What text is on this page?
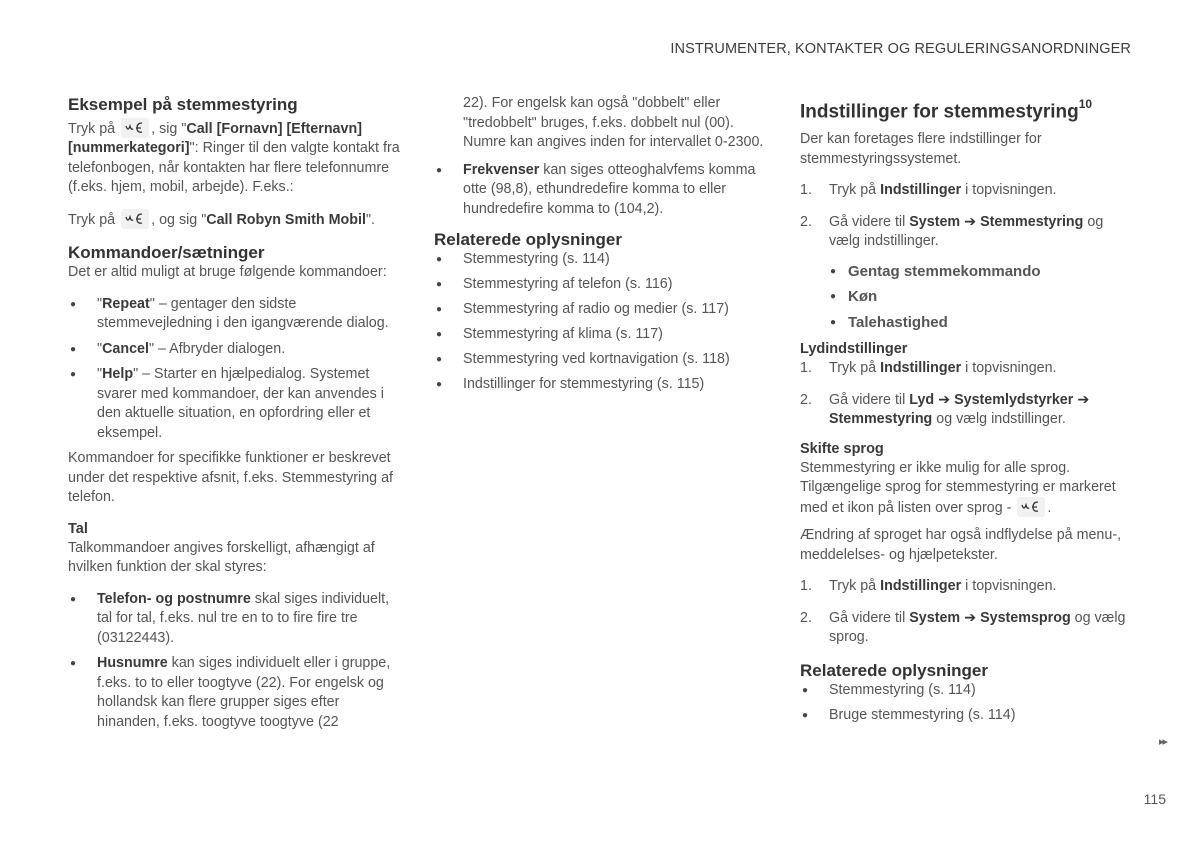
INSTRUMENTER, KONTAKTER OG REGULERINGSANORDNINGER
Eksempel på stemmestyring

Tryk på	, sig "Call [Fornavn] [Efternavn] [nummerkategori]": Ringer til den valgte kontakt fra telefonbogen, når kontakten har flere telefonnumre (f.eks. hjem, mobil, arbejde). F.eks.:

Tryk på	, og sig "Call Robyn Smith Mobil".

Kommandoer/sætninger

Det er altid muligt at bruge følgende kommandoer:

● "Repeat" – gentager den sidste stemmevejledning i den igangværende dialog.
● "Cancel" – Afbryder dialogen.
● "Help" – Starter en hjælpedialog. Systemet svarer med kommandoer, der kan anvendes i den aktuelle situation, en opfordring eller et eksempel.

Kommandoer for specifikke funktioner er beskrevet under det respektive afsnit, f.eks. Stemmestyring af telefon.

Tal

Talkommandoer angives forskelligt, afhængigt af hvilken funktion der skal styres:

● Telefon- og postnumre skal siges individuelt, tal for tal, f.eks. nul tre en to to fire fire tre (03122443).
● Husnumre kan siges individuelt eller i gruppe, f.eks. to to eller toogtyve (22). For engelsk og hollandsk kan flere grupper siges efter hinanden, f.eks. toogtyve toogtyve (22

22). For engelsk kan også "dobbelt" eller "tredobbelt" bruges, f.eks. dobbelt nul (00). Numre kan angives inden for intervallet 0-2300.

● Frekvenser kan siges otteoghalvfems komma otte (98,8), ethundredefire komma to eller hundredefire komma to (104,2).
Relaterede oplysninger
● Stemmestyring (s. 114)
● Stemmestyring af telefon (s. 116)
● Stemmestyring af radio og medier (s. 117)
● Stemmestyring af klima (s. 117)
● Stemmestyring ved kortnavigation (s. 118)
● Indstillinger for stemmestyring (s. 115)
Indstillinger for stemmestyring$^{10}$

Der kan foretages flere indstillinger for stemmestyringssystemet.

1. Tryk på Indstillinger i topvisningen.
2. Gå videre til System ➔ Stemmestyring og vælg indstillinger.
● Gentag stemmekommando
● Køn
● Talehastighed
Lydindstillinger
1. Tryk på Indstillinger i topvisningen.
2. Gå videre til Lyd ➔ Systemlydstyrker ➔ Stemmestyring og vælg indstillinger.
Skifte sprog

Stemmestyring er ikke mulig for alle sprog. Tilgængelige sprog for stemmestyring er markeret med et ikon på listen over sprog -	.

Ændring af sproget har også indflydelse på menu-, meddelelses- og hjælpetekster.

1. Tryk på Indstillinger i topvisningen.
2. Gå videre til System ➔ Systemsprog og vælg sprog.
Relaterede oplysninger
● Stemmestyring (s. 114)
● Bruge stemmestyring (s. 114)
▸▸
115
